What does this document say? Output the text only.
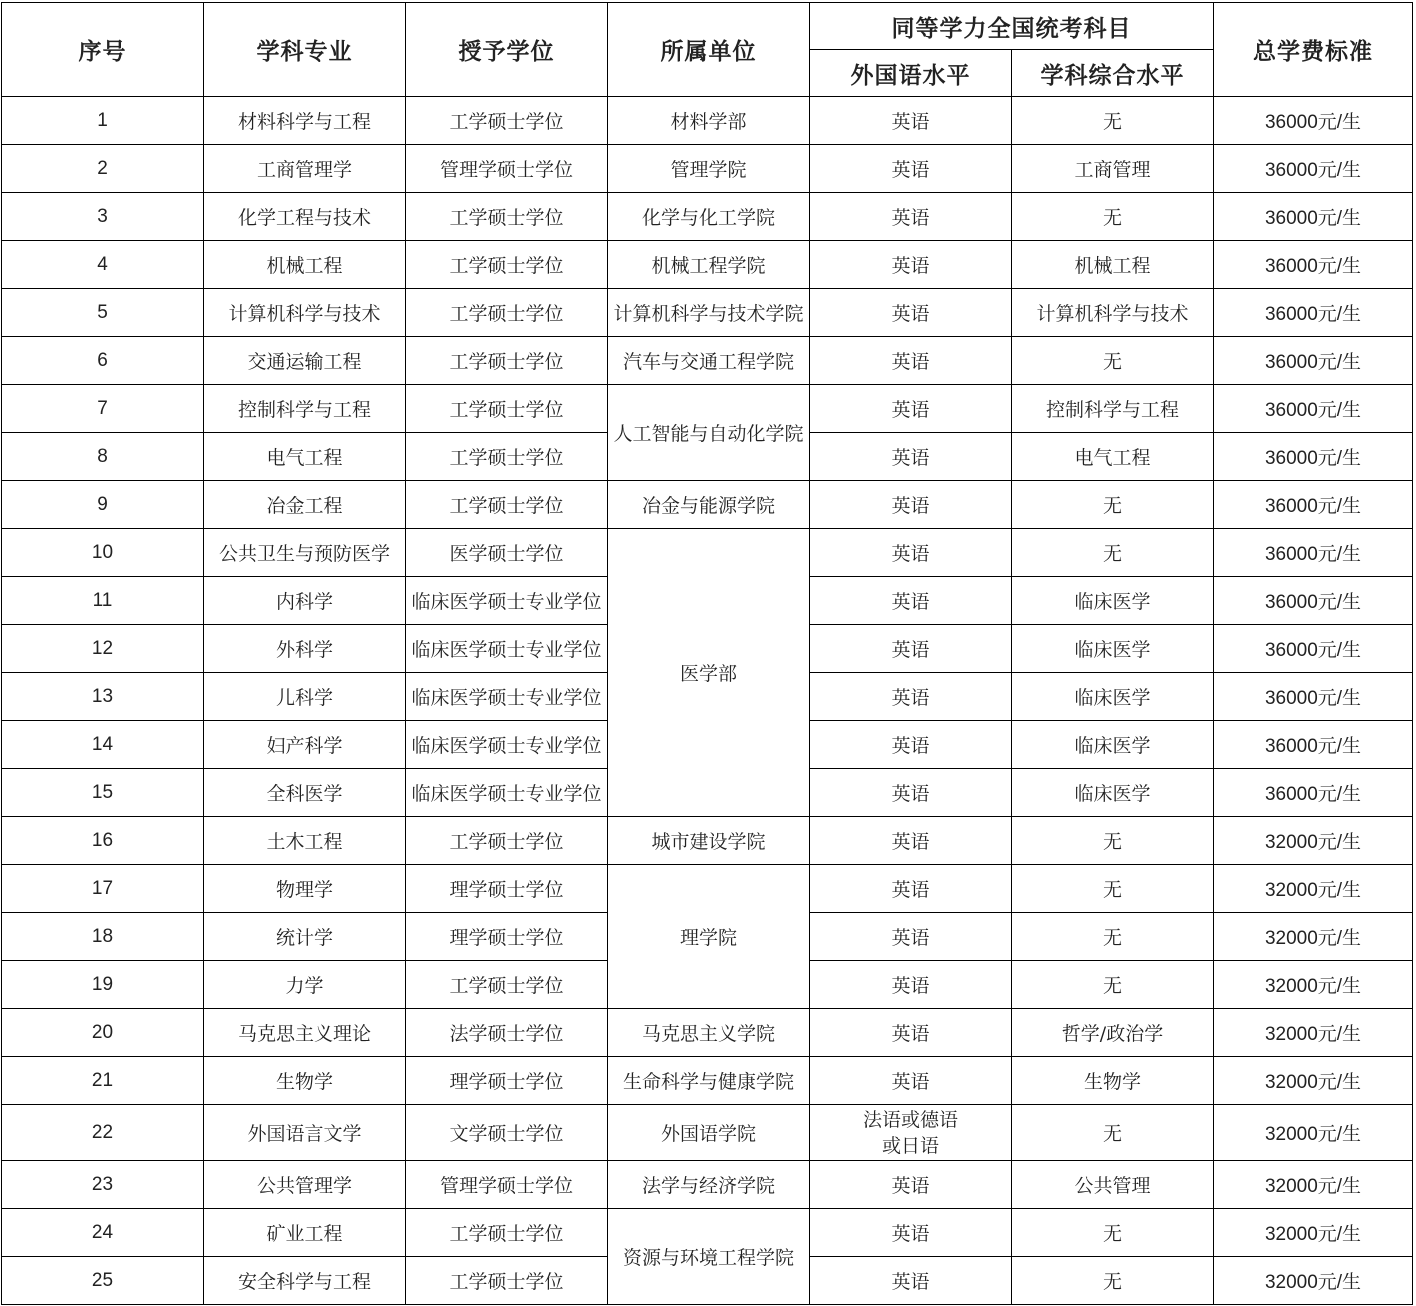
序号	学科专业	授予学位	所属单位	同等学力全国统考科目		总学费标准
				外国语水平	学科综合水平	
1	材料科学与工程	工学硕士学位	材料学部	英语	无	36000元/生
2	工商管理学	管理学硕士学位	管理学院	英语	工商管理	36000元/生
3	化学工程与技术	工学硕士学位	化学与化工学院	英语	无	36000元/生
4	机械工程	工学硕士学位	机械工程学院	英语	机械工程	36000元/生
5	计算机科学与技术	工学硕士学位	计算机科学与技术学院	英语	计算机科学与技术	36000元/生
6	交通运输工程	工学硕士学位	汽车与交通工程学院	英语	无	36000元/生
7	控制科学与工程	工学硕士学位	人工智能与自动化学院	英语	控制科学与工程	36000元/生
8	电气工程	工学硕士学位		英语	电气工程	36000元/生
9	冶金工程	工学硕士学位	冶金与能源学院	英语	无	36000元/生
10	公共卫生与预防医学	医学硕士学位	医学部	英语	无	36000元/生
11	内科学	临床医学硕士专业学位		英语	临床医学	36000元/生
12	外科学	临床医学硕士专业学位		英语	临床医学	36000元/生
13	儿科学	临床医学硕士专业学位		英语	临床医学	36000元/生
14	妇产科学	临床医学硕士专业学位		英语	临床医学	36000元/生
15	全科医学	临床医学硕士专业学位		英语	临床医学	36000元/生
16	土木工程	工学硕士学位	城市建设学院	英语	无	32000元/生
17	物理学	理学硕士学位	理学院	英语	无	32000元/生
18	统计学	理学硕士学位		英语	无	32000元/生
19	力学	工学硕士学位		英语	无	32000元/生
20	马克思主义理论	法学硕士学位	马克思主义学院	英语	哲学/政治学	32000元/生
21	生物学	理学硕士学位	生命科学与健康学院	英语	生物学	32000元/生
22	外国语言文学	文学硕士学位	外国语学院	法语或德语
或日语	无	32000元/生
23	公共管理学	管理学硕士学位	法学与经济学院	英语	公共管理	32000元/生
24	矿业工程	工学硕士学位	资源与环境工程学院	英语	无	32000元/生
25	安全科学与工程	工学硕士学位		英语	无	32000元/生
